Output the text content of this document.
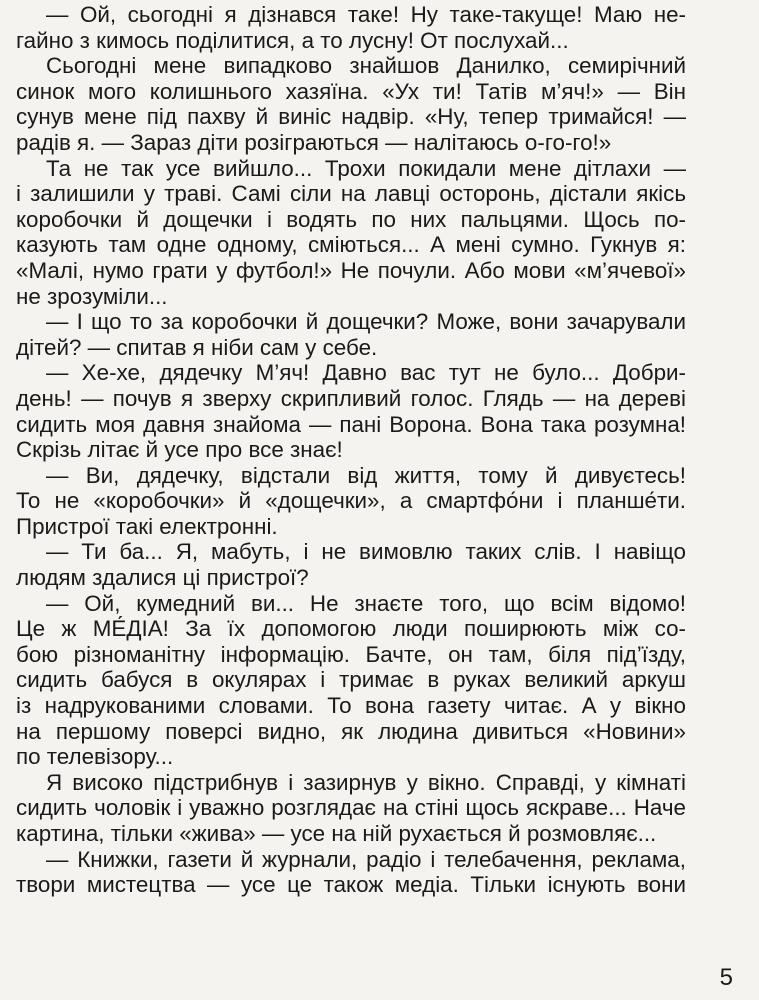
— Ой, сьогодні я дізнався таке! Ну таке-такуще! Маю не-
гайно з кимось поділитися, а то лусну! От послухай...

Сьогодні мене випадково знайшов Данилко, семирічний
синок мого колишнього хазяїна. «Ух ти! Татів м’яч!» — Він
сунув мене під пахву й виніс надвір. «Ну, тепер тримайся! —
радів я. — Зараз діти розіграються — налітаюсь о-го-го!»

Та не так усе вийшло... Трохи покидали мене дітлахи —
і залишили у траві. Самі сіли на лавці осторонь, дістали якісь
коробочки й дощечки і водять по них пальцями. Щось по-
казують там одне одному, сміються... А мені сумно. Гукнув я:
«Малі, нумо грати у футбол!» Не почули. Або мови «м’ячевої»
не зрозуміли...

— І що то за коробочки й дощечки? Може, вони зачарували
дітей? — спитав я ніби сам у себе.

— Хе-хе, дядечку М’яч! Давно вас тут не було... Добри-
день! — почув я зверху скрипливий голос. Глядь — на дереві
сидить моя давня знайома — пані Ворона. Вона така розумна!
Скрізь літає й усе про все знає!

— Ви, дядечку, відстали від життя, тому й дивуєтесь!
То не «коробочки» й «дощечки», а смартфо́ни і планше́ти.
Пристрої такі електронні.

— Ти ба... Я, мабуть, і не вимовлю таких слів. І навіщо
людям здалися ці пристрої?

— Ой, кумедний ви... Не знаєте того, що всім відомо!
Це ж МЕ́ДІА! За їх допомогою люди поширюють між со-
бою різноманітну інформацію. Бачте, он там, біля під’їзду,
сидить бабуся в окулярах і тримає в руках великий аркуш
із надрукованими словами. То вона газету читає. А у вікно
на першому поверсі видно, як людина дивиться «Новини»
по телевізору...

Я високо підстрибнув і зазирнув у вікно. Справді, у кімнаті
сидить чоловік і уважно розглядає на стіні щось яскраве... Наче
картина, тільки «жива» — усе на ній рухається й розмовляє...

— Книжки, газети й журнали, радіо і телебачення, реклама,
твори мистецтва — усе це також медіа. Тільки існують вони

5
